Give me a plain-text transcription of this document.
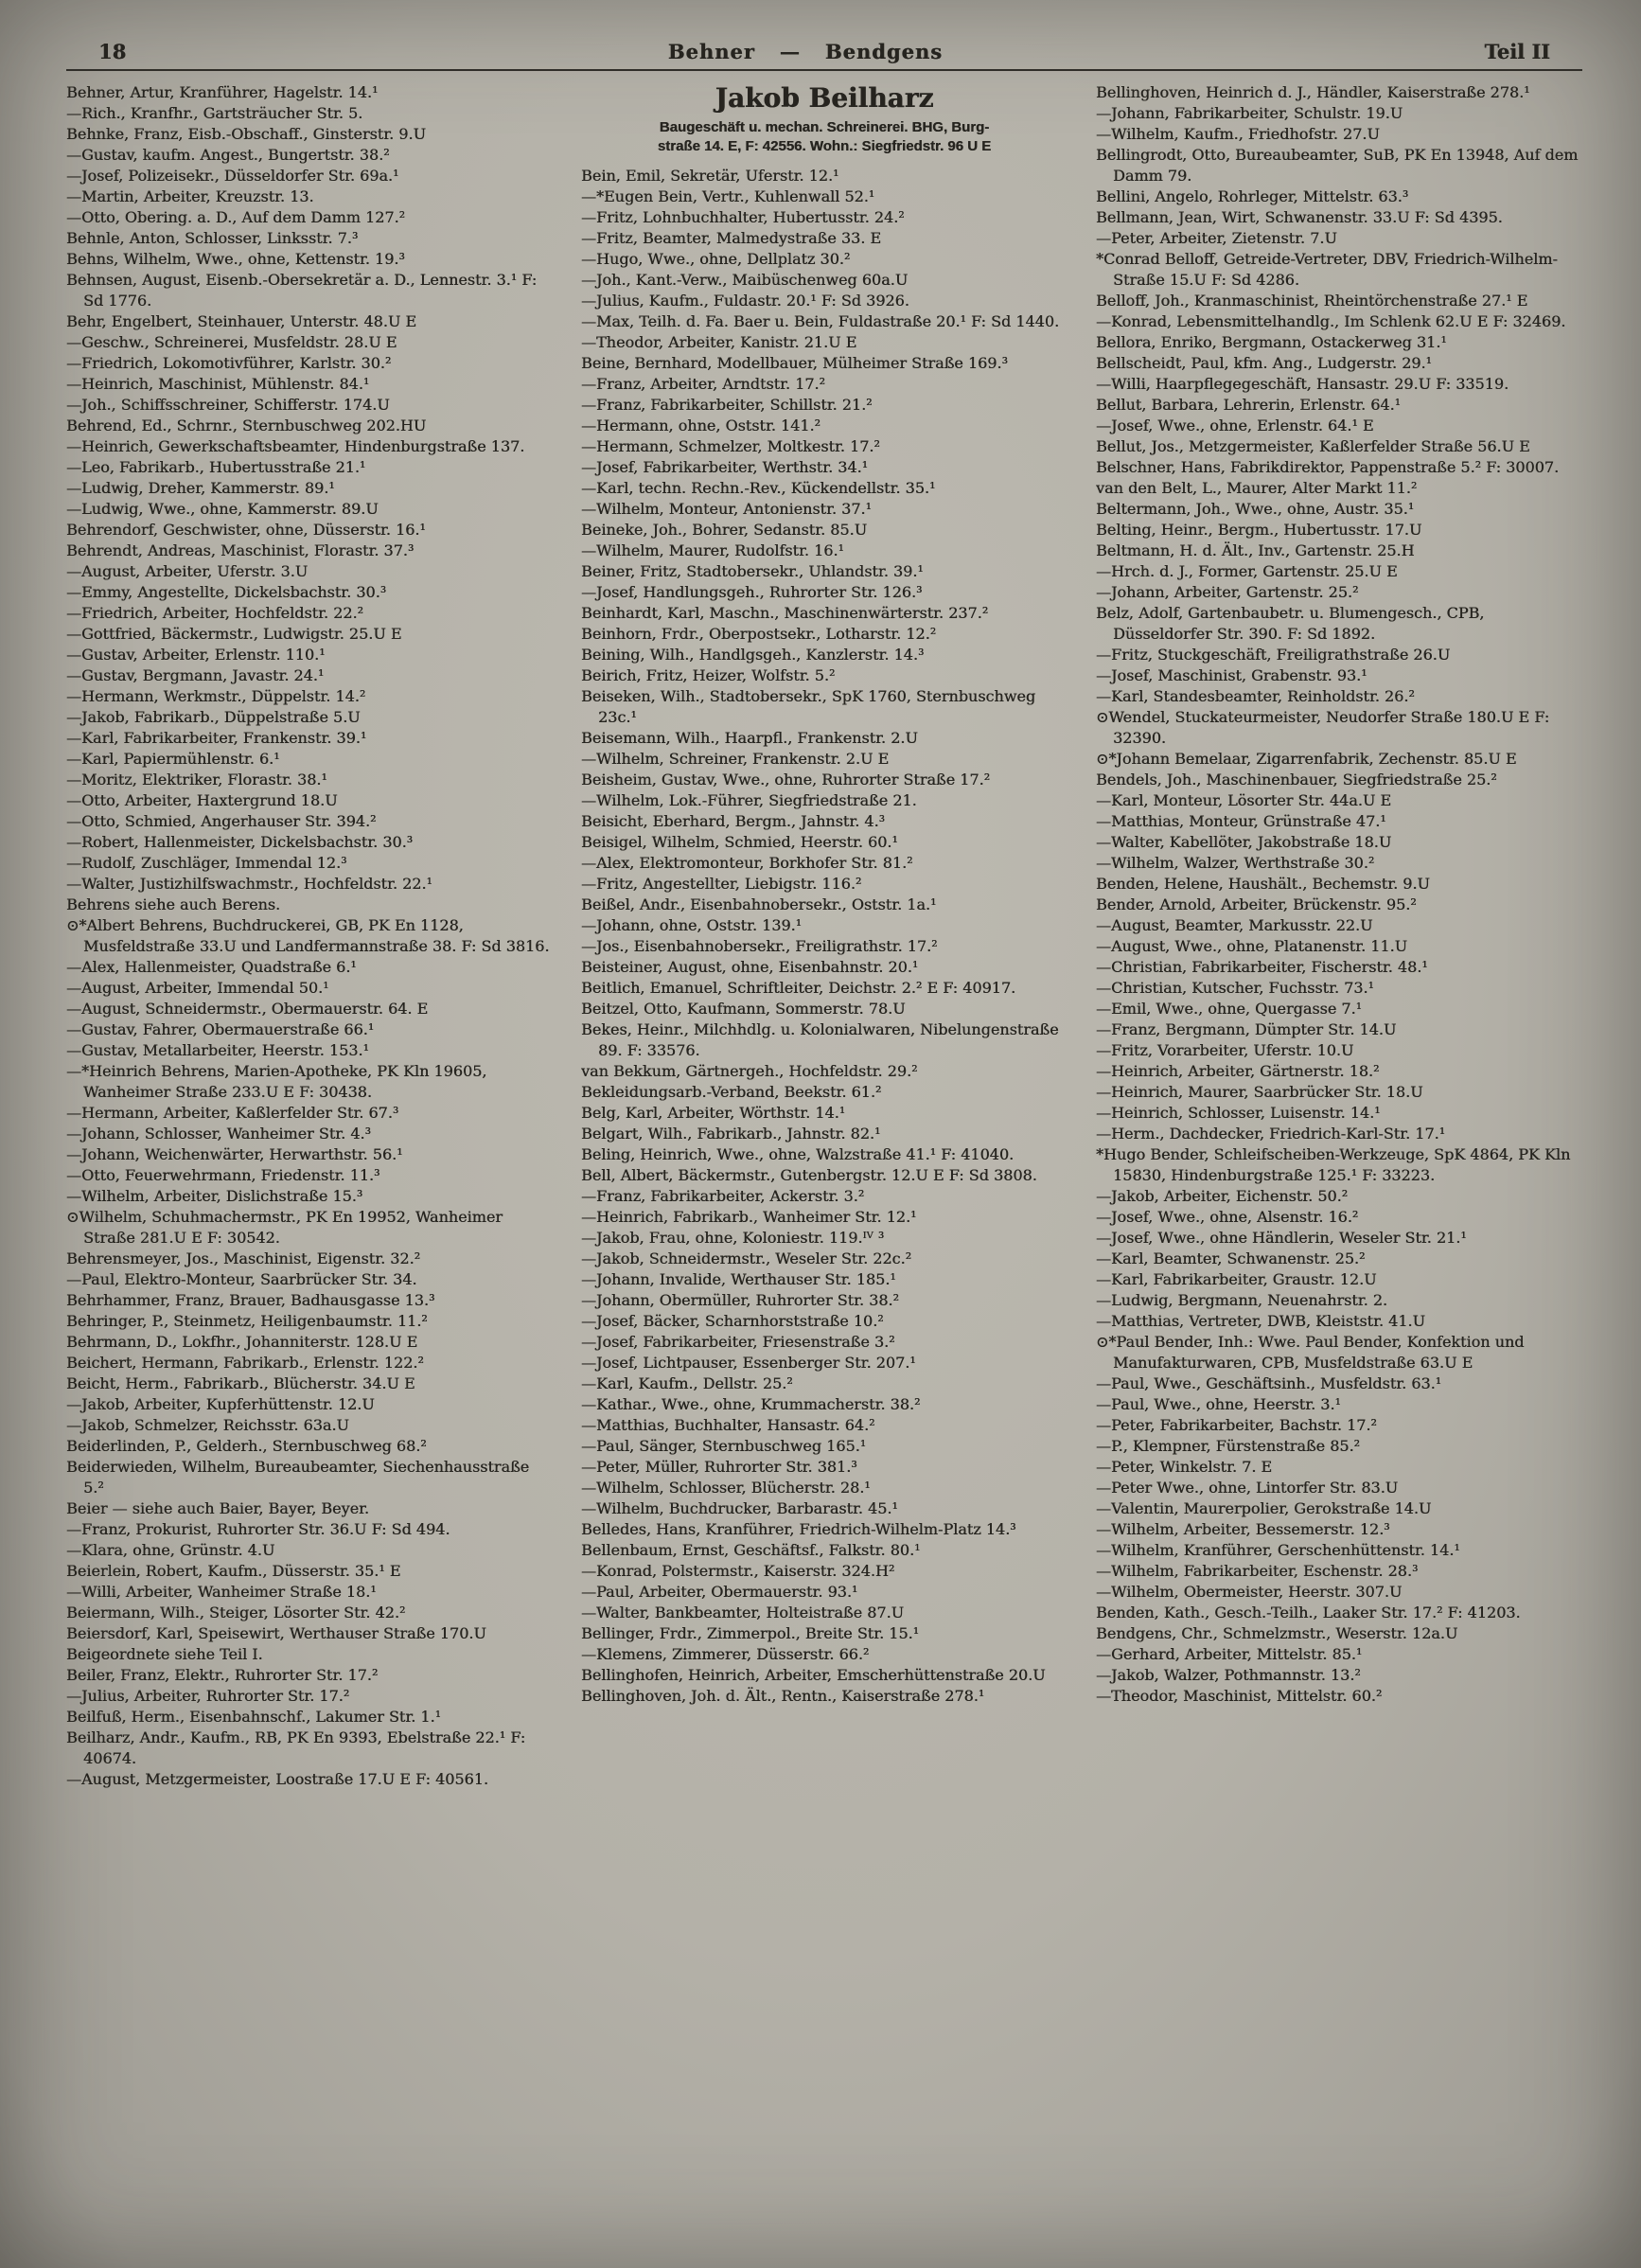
18	Behner — Bendgens	Teil II
Behner, Artur, Kranführer, Hagelstr. 14.¹
—Rich., Kranfhr., Gartsträucher Str. 5.
Behnke, Franz, Eisb.-Obschaff., Ginsterstr. 9.U
—Gustav, kaufm. Angest., Bungertstr. 38.²
—Josef, Polizeisekr., Düsseldorfer Str. 69a.¹
—Martin, Arbeiter, Kreuzstr. 13.
—Otto, Obering. a. D., Auf dem Damm 127.²
Behnle, Anton, Schlosser, Linksstr. 7.³
Behns, Wilhelm, Wwe., ohne, Kettenstr. 19.³
Behnsen, August, Eisenb.-Obersekretär a. D., Lennestr. 3.¹ F: Sd 1776.
Behr, Engelbert, Steinhauer, Unterstr. 48.U E
—Geschw., Schreinerei, Musfeldstr. 28.U E
—Friedrich, Lokomotivführer, Karlstr. 30.²
—Heinrich, Maschinist, Mühlenstr. 84.¹
—Joh., Schiffsschreiner, Schifferstr. 174.U
Behrend, Ed., Schrnr., Sternbuschweg 202.HU
—Heinrich, Gewerkschaftsbeamter, Hindenburgstraße 137.
—Leo, Fabrikarb., Hubertusstraße 21.¹
—Ludwig, Dreher, Kammerstr. 89.¹
—Ludwig, Wwe., ohne, Kammerstr. 89.U
Behrendorf, Geschwister, ohne, Düsserstr. 16.¹
Behrendt, Andreas, Maschinist, Florastr. 37.³
—August, Arbeiter, Uferstr. 3.U
—Emmy, Angestellte, Dickelsbachstr. 30.³
—Friedrich, Arbeiter, Hochfeldstr. 22.²
—Gottfried, Bäckermstr., Ludwigstr. 25.U E
—Gustav, Arbeiter, Erlenstr. 110.¹
—Gustav, Bergmann, Javastr. 24.¹
—Hermann, Werkmstr., Düppelstr. 14.²
—Jakob, Fabrikarb., Düppelstraße 5.U
—Karl, Fabrikarbeiter, Frankenstr. 39.¹
—Karl, Papiermühlenstr. 6.¹
—Moritz, Elektriker, Florastr. 38.¹
—Otto, Arbeiter, Haxtergrund 18.U
—Otto, Schmied, Angerhauser Str. 394.²
—Robert, Hallenmeister, Dickelsbachstr. 30.³
—Rudolf, Zuschläger, Immendal 12.³
—Walter, Justizhilfswachmstr., Hochfeldstr. 22.¹
Behrens siehe auch Berens.
⊙*Albert Behrens, Buchdruckerei, GB, PK En 1128, Musfeldstraße 33.U und Landfermannstraße 38. F: Sd 3816.
—Alex, Hallenmeister, Quadstraße 6.¹
—August, Arbeiter, Immendal 50.¹
—August, Schneidermstr., Obermauerstr. 64. E
—Gustav, Fahrer, Obermauerstraße 66.¹
—Gustav, Metallarbeiter, Heerstr. 153.¹
—*Heinrich Behrens, Marien-Apotheke, PK Kln 19605, Wanheimer Straße 233.U E F: 30438.
—Hermann, Arbeiter, Kaßlerfelder Str. 67.³
—Johann, Schlosser, Wanheimer Str. 4.³
—Johann, Weichenwärter, Herwarthstr. 56.¹
—Otto, Feuerwehrmann, Friedenstr. 11.³
—Wilhelm, Arbeiter, Dislichstraße 15.³
⊙Wilhelm, Schuhmachermstr., PK En 19952, Wanheimer Straße 281.U E F: 30542.
Behrensmeyer, Jos., Maschinist, Eigenstr. 32.²
—Paul, Elektro-Monteur, Saarbrücker Str. 34.
Behrhammer, Franz, Brauer, Badhausgasse 13.³
Behringer, P., Steinmetz, Heiligenbaumstr. 11.²
Behrmann, D., Lokfhr., Johanniterstr. 128.U E
Beichert, Hermann, Fabrikarb., Erlenstr. 122.²
Beicht, Herm., Fabrikarb., Blücherstr. 34.U E
—Jakob, Arbeiter, Kupferhüttenstr. 12.U
—Jakob, Schmelzer, Reichsstr. 63a.U
Beiderlinden, P., Gelderh., Sternbuschweg 68.²
Beiderwieden, Wilhelm, Bureaubeamter, Siechenhausstraße 5.²
Beier — siehe auch Baier, Bayer, Beyer.
—Franz, Prokurist, Ruhrorter Str. 36.U F: Sd 494.
—Klara, ohne, Grünstr. 4.U
Beierlein, Robert, Kaufm., Düsserstr. 35.¹ E
—Willi, Arbeiter, Wanheimer Straße 18.¹
Beiermann, Wilh., Steiger, Lösorter Str. 42.²
Beiersdorf, Karl, Speisewirt, Werthauser Straße 170.U
Beigeordnete siehe Teil I.
Beiler, Franz, Elektr., Ruhrorter Str. 17.²
—Julius, Arbeiter, Ruhrorter Str. 17.²
Beilfuß, Herm., Eisenbahnschf., Lakumer Str. 1.¹
Beilharz, Andr., Kaufm., RB, PK En 9393, Ebelstraße 22.¹ F: 40674.
—August, Metzgermeister, Loostraße 17.U E F: 40561.
Jakob Beilharz
Baugeschäft u. mechan. Schreinerei. BHG, Burg-
straße 14. E, F: 42556. Wohn.: Siegfriedstr. 96 U E
Bein, Emil, Sekretär, Uferstr. 12.¹
—*Eugen Bein, Vertr., Kuhlenwall 52.¹
—Fritz, Lohnbuchhalter, Hubertusstr. 24.²
—Fritz, Beamter, Malmedystraße 33. E
—Hugo, Wwe., ohne, Dellplatz 30.²
—Joh., Kant.-Verw., Maibüschenweg 60a.U
—Julius, Kaufm., Fuldastr. 20.¹ F: Sd 3926.
—Max, Teilh. d. Fa. Baer u. Bein, Fuldastraße 20.¹ F: Sd 1440.
—Theodor, Arbeiter, Kanistr. 21.U E
Beine, Bernhard, Modellbauer, Mülheimer Straße 169.³
—Franz, Arbeiter, Arndtstr. 17.²
—Franz, Fabrikarbeiter, Schillstr. 21.²
—Hermann, ohne, Oststr. 141.²
—Hermann, Schmelzer, Moltkestr. 17.²
—Josef, Fabrikarbeiter, Werthstr. 34.¹
—Karl, techn. Rechn.-Rev., Kückendellstr. 35.¹
—Wilhelm, Monteur, Antonienstr. 37.¹
Beineke, Joh., Bohrer, Sedanstr. 85.U
—Wilhelm, Maurer, Rudolfstr. 16.¹
Beiner, Fritz, Stadtobersekr., Uhlandstr. 39.¹
—Josef, Handlungsgeh., Ruhrorter Str. 126.³
Beinhardt, Karl, Maschn., Maschinenwärterstr. 237.²
Beinhorn, Frdr., Oberpostsekr., Lotharstr. 12.²
Beining, Wilh., Handlgsgeh., Kanzlerstr. 14.³
Beirich, Fritz, Heizer, Wolfstr. 5.²
Beiseken, Wilh., Stadtobersekr., SpK 1760, Sternbuschweg 23c.¹
Beisemann, Wilh., Haarpfl., Frankenstr. 2.U
—Wilhelm, Schreiner, Frankenstr. 2.U E
Beisheim, Gustav, Wwe., ohne, Ruhrorter Straße 17.²
—Wilhelm, Lok.-Führer, Siegfriedstraße 21.
Beisicht, Eberhard, Bergm., Jahnstr. 4.³
Beisigel, Wilhelm, Schmied, Heerstr. 60.¹
—Alex, Elektromonteur, Borkhofer Str. 81.²
—Fritz, Angestellter, Liebigstr. 116.²
Beißel, Andr., Eisenbahnobersekr., Oststr. 1a.¹
—Johann, ohne, Oststr. 139.¹
—Jos., Eisenbahnobersekr., Freiligrathstr. 17.²
Beisteiner, August, ohne, Eisenbahnstr. 20.¹
Beitlich, Emanuel, Schriftleiter, Deichstr. 2.² E F: 40917.
Beitzel, Otto, Kaufmann, Sommerstr. 78.U
Bekes, Heinr., Milchhdlg. u. Kolonialwaren, Nibelungenstraße 89. F: 33576.
van Bekkum, Gärtnergeh., Hochfeldstr. 29.²
Bekleidungsarb.-Verband, Beekstr. 61.²
Belg, Karl, Arbeiter, Wörthstr. 14.¹
Belgart, Wilh., Fabrikarb., Jahnstr. 82.¹
Beling, Heinrich, Wwe., ohne, Walzstraße 41.¹ F: 41040.
Bell, Albert, Bäckermstr., Gutenbergstr. 12.U E F: Sd 3808.
—Franz, Fabrikarbeiter, Ackerstr. 3.²
—Heinrich, Fabrikarb., Wanheimer Str. 12.¹
—Jakob, Frau, ohne, Koloniestr. 119.ᴵⱽ ³
—Jakob, Schneidermstr., Weseler Str. 22c.²
—Johann, Invalide, Werthauser Str. 185.¹
—Johann, Obermüller, Ruhrorter Str. 38.²
—Josef, Bäcker, Scharnhorststraße 10.²
—Josef, Fabrikarbeiter, Friesenstraße 3.²
—Josef, Lichtpauser, Essenberger Str. 207.¹
—Karl, Kaufm., Dellstr. 25.²
—Kathar., Wwe., ohne, Krummacherstr. 38.²
—Matthias, Buchhalter, Hansastr. 64.²
—Paul, Sänger, Sternbuschweg 165.¹
—Peter, Müller, Ruhrorter Str. 381.³
—Wilhelm, Schlosser, Blücherstr. 28.¹
—Wilhelm, Buchdrucker, Barbarastr. 45.¹
Belledes, Hans, Kranführer, Friedrich-Wilhelm-Platz 14.³
Bellenbaum, Ernst, Geschäftsf., Falkstr. 80.¹
—Konrad, Polstermstr., Kaiserstr. 324.H²
—Paul, Arbeiter, Obermauerstr. 93.¹
—Walter, Bankbeamter, Holteistraße 87.U
Bellinger, Frdr., Zimmerpol., Breite Str. 15.¹
—Klemens, Zimmerer, Düsserstr. 66.²
Bellinghofen, Heinrich, Arbeiter, Emscherhüttenstraße 20.U
Bellinghoven, Joh. d. Ält., Rentn., Kaiserstraße 278.¹
Bellinghoven, Heinrich d. J., Händler, Kaiserstraße 278.¹
—Johann, Fabrikarbeiter, Schulstr. 19.U
—Wilhelm, Kaufm., Friedhofstr. 27.U
Bellingrodt, Otto, Bureaubeamter, SuB, PK En 13948, Auf dem Damm 79.
Bellini, Angelo, Rohrleger, Mittelstr. 63.³
Bellmann, Jean, Wirt, Schwanenstr. 33.U F: Sd 4395.
—Peter, Arbeiter, Zietenstr. 7.U
*Conrad Belloff, Getreide-Vertreter, DBV, Friedrich-Wilhelm-Straße 15.U F: Sd 4286.
Belloff, Joh., Kranmaschinist, Rheintörchenstraße 27.¹ E
—Konrad, Lebensmittelhandlg., Im Schlenk 62.U E F: 32469.
Bellora, Enriko, Bergmann, Ostackerweg 31.¹
Bellscheidt, Paul, kfm. Ang., Ludgerstr. 29.¹
—Willi, Haarpflegegeschäft, Hansastr. 29.U F: 33519.
Bellut, Barbara, Lehrerin, Erlenstr. 64.¹
—Josef, Wwe., ohne, Erlenstr. 64.¹ E
Bellut, Jos., Metzgermeister, Kaßlerfelder Straße 56.U E
Belschner, Hans, Fabrikdirektor, Pappenstraße 5.² F: 30007.
van den Belt, L., Maurer, Alter Markt 11.²
Beltermann, Joh., Wwe., ohne, Austr. 35.¹
Belting, Heinr., Bergm., Hubertusstr. 17.U
Beltmann, H. d. Ält., Inv., Gartenstr. 25.H
—Hrch. d. J., Former, Gartenstr. 25.U E
—Johann, Arbeiter, Gartenstr. 25.²
Belz, Adolf, Gartenbaubetr. u. Blumengesch., CPB, Düsseldorfer Str. 390. F: Sd 1892.
—Fritz, Stuckgeschäft, Freiligrathstraße 26.U
—Josef, Maschinist, Grabenstr. 93.¹
—Karl, Standesbeamter, Reinholdstr. 26.²
⊙Wendel, Stuckateurmeister, Neudorfer Straße 180.U E F: 32390.
⊙*Johann Bemelaar, Zigarrenfabrik, Zechenstr. 85.U E
Bendels, Joh., Maschinenbauer, Siegfriedstraße 25.²
—Karl, Monteur, Lösorter Str. 44a.U E
—Matthias, Monteur, Grünstraße 47.¹
—Walter, Kabellöter, Jakobstraße 18.U
—Wilhelm, Walzer, Werthstraße 30.²
Benden, Helene, Haushält., Bechemstr. 9.U
Bender, Arnold, Arbeiter, Brückenstr. 95.²
—August, Beamter, Markusstr. 22.U
—August, Wwe., ohne, Platanenstr. 11.U
—Christian, Fabrikarbeiter, Fischerstr. 48.¹
—Christian, Kutscher, Fuchsstr. 73.¹
—Emil, Wwe., ohne, Quergasse 7.¹
—Franz, Bergmann, Dümpter Str. 14.U
—Fritz, Vorarbeiter, Uferstr. 10.U
—Heinrich, Arbeiter, Gärtnerstr. 18.²
—Heinrich, Maurer, Saarbrücker Str. 18.U
—Heinrich, Schlosser, Luisenstr. 14.¹
—Herm., Dachdecker, Friedrich-Karl-Str. 17.¹
*Hugo Bender, Schleifscheiben-Werkzeuge, SpK 4864, PK Kln 15830, Hindenburgstraße 125.¹ F: 33223.
—Jakob, Arbeiter, Eichenstr. 50.²
—Josef, Wwe., ohne, Alsenstr. 16.²
—Josef, Wwe., ohne Händlerin, Weseler Str. 21.¹
—Karl, Beamter, Schwanenstr. 25.²
—Karl, Fabrikarbeiter, Graustr. 12.U
—Ludwig, Bergmann, Neuenahrstr. 2.
—Matthias, Vertreter, DWB, Kleiststr. 41.U
⊙*Paul Bender, Inh.: Wwe. Paul Bender, Konfektion und Manufakturwaren, CPB, Musfeldstraße 63.U E
—Paul, Wwe., Geschäftsinh., Musfeldstr. 63.¹
—Paul, Wwe., ohne, Heerstr. 3.¹
—Peter, Fabrikarbeiter, Bachstr. 17.²
—P., Klempner, Fürstenstraße 85.²
—Peter, Winkelstr. 7. E
—Peter Wwe., ohne, Lintorfer Str. 83.U
—Valentin, Maurerpolier, Gerokstraße 14.U
—Wilhelm, Arbeiter, Bessemerstr. 12.³
—Wilhelm, Kranführer, Gerschenhüttenstr. 14.¹
—Wilhelm, Fabrikarbeiter, Eschenstr. 28.³
—Wilhelm, Obermeister, Heerstr. 307.U
Benden, Kath., Gesch.-Teilh., Laaker Str. 17.² F: 41203.
Bendgens, Chr., Schmelzmstr., Weserstr. 12a.U
—Gerhard, Arbeiter, Mittelstr. 85.¹
—Jakob, Walzer, Pothmannstr. 13.²
—Theodor, Maschinist, Mittelstr. 60.²
